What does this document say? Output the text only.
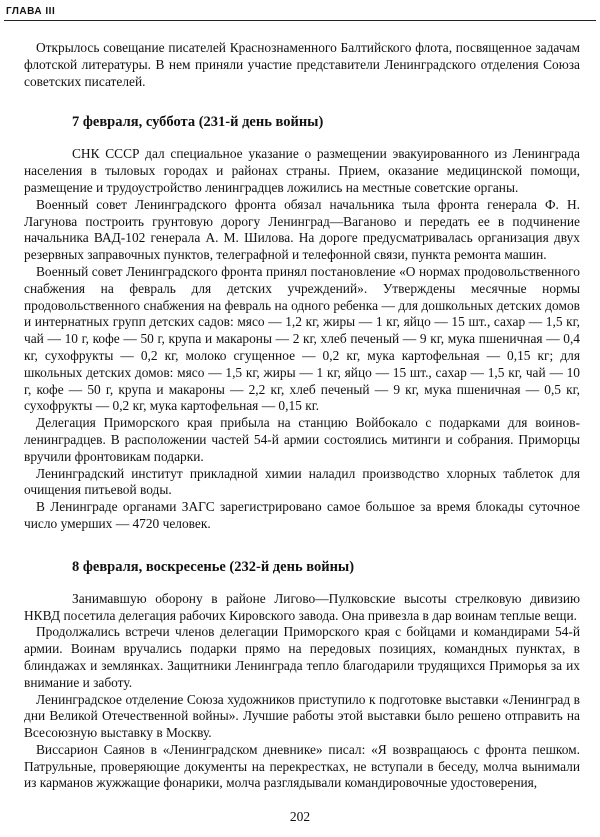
ГЛАВА III

Открылось совещание писателей Краснознаменного Балтийского флота, посвященное задачам флотской литературы. В нем приняли участие представители Ленинградского отделения Союза советских писателей.

7 февраля, суббота (231-й день войны)

СНК СССР дал специальное указание о размещении эвакуированного из Ленинграда населения в тыловых городах и районах страны. Прием, оказание медицинской помощи, размещение и трудоустройство ленинградцев ложились на местные советские органы.

Военный совет Ленинградского фронта обязал начальника тыла фронта генерала Ф. Н. Лагунова построить грунтовую дорогу Ленинград—Ваганово и передать ее в подчинение начальника ВАД-102 генерала А. М. Шилова. На дороге предусматривалась организация двух резервных заправочных пунктов, телеграфной и телефонной связи, пункта ремонта машин.

Военный совет Ленинградского фронта принял постановление «О нормах продовольственного снабжения на февраль для детских учреждений». Утверждены месячные нормы продовольственного снабжения на февраль на одного ребенка — для дошкольных детских домов и интернатных групп детских садов: мясо — 1,2 кг, жиры — 1 кг, яйцо — 15 шт., сахар — 1,5 кг, чай — 10 г, кофе — 50 г, крупа и макароны — 2 кг, хлеб печеный — 9 кг, мука пшеничная — 0,4 кг, сухофрукты — 0,2 кг, молоко сгущенное — 0,2 кг, мука картофельная — 0,15 кг; для школьных детских домов: мясо — 1,5 кг, жиры — 1 кг, яйцо — 15 шт., сахар — 1,5 кг, чай — 10 г, кофе — 50 г, крупа и макароны — 2,2 кг, хлеб печеный — 9 кг, мука пшеничная — 0,5 кг, сухофрукты — 0,2 кг, мука картофельная — 0,15 кг.

Делегация Приморского края прибыла на станцию Войбокало с подарками для воинов-ленинградцев. В расположении частей 54-й армии состоялись митинги и собрания. Приморцы вручили фронтовикам подарки.

Ленинградский институт прикладной химии наладил производство хлорных таблеток для очищения питьевой воды.

В Ленинграде органами ЗАГС зарегистрировано самое большое за время блокады суточное число умерших — 4720 человек.

8 февраля, воскресенье (232-й день войны)

Занимавшую оборону в районе Лигово—Пулковские высоты стрелковую дивизию НКВД посетила делегация рабочих Кировского завода. Она привезла в дар воинам теплые вещи.

Продолжались встречи членов делегации Приморского края с бойцами и командирами 54-й армии. Воинам вручались подарки прямо на передовых позициях, командных пунктах, в блиндажах и землянках. Защитники Ленинграда тепло благодарили трудящихся Приморья за их внимание и заботу.

Ленинградское отделение Союза художников приступило к подготовке выставки «Ленинград в дни Великой Отечественной войны». Лучшие работы этой выставки было решено отправить на Всесоюзную выставку в Москву.

Виссарион Саянов в «Ленинградском дневнике» писал: «Я возвращаюсь с фронта пешком. Патрульные, проверяющие документы на перекрестках, не вступали в беседу, молча вынимали из карманов жужжащие фонарики, молча разглядывали командировочные удостоверения,

202
